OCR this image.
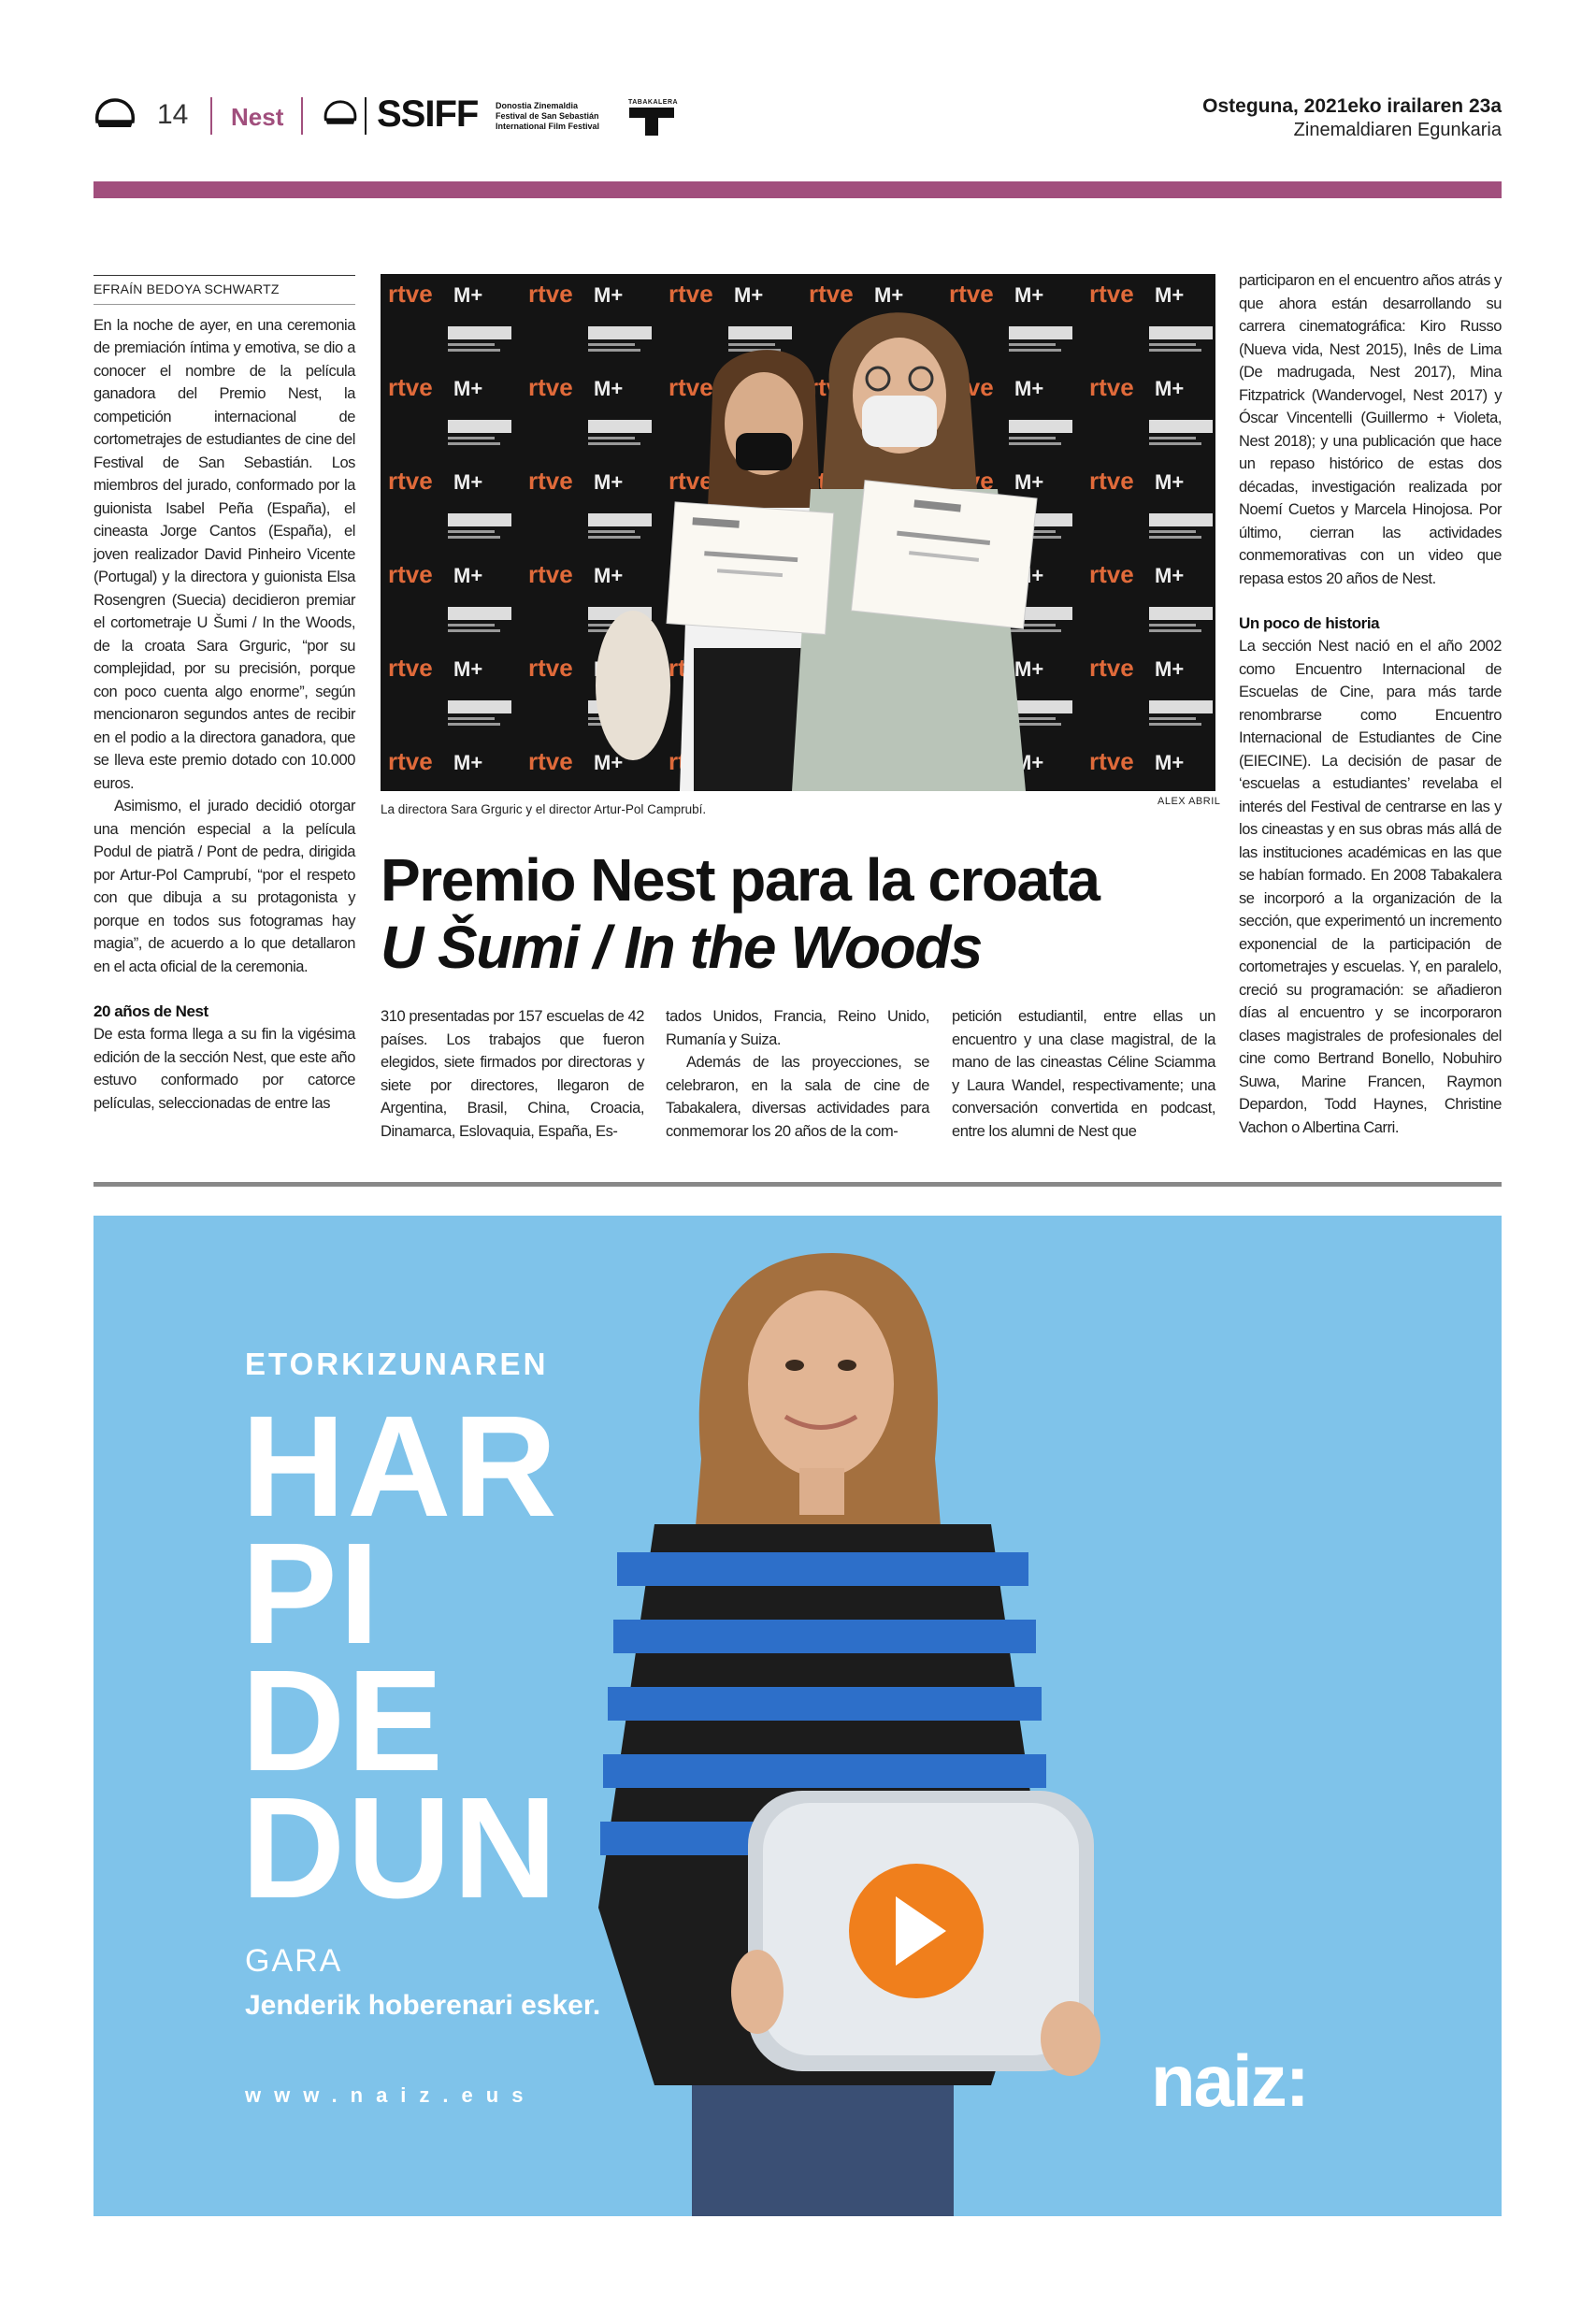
14 Nest SSIFF Donostia Zinemaldia
Festival de San Sebastián
International Film Festival
TABAKALERA	Osteguna, 2021eko irailaren 23a
Zinemaldiaren Egunkaria
EFRAÍN BEDOYA SCHWARTZ

En la noche de ayer, en una ceremonia de premiación íntima y emotiva, se dio a conocer el nombre de la película ganadora del Premio Nest, la competición internacional de cortometrajes de estudiantes de cine del Festival de San Sebastián. Los miembros del jurado, conformado por la guionista Isabel Peña (España), el cineasta Jorge Cantos (España), el joven realizador David Pinheiro Vicente (Portugal) y la directora y guionista Elsa Rosengren (Suecia) decidieron premiar el cortometraje U Šumi / In the Woods, de la croata Sara Grguric, “por su complejidad, por su precisión, porque con poco cuenta algo enorme”, según mencionaron segundos antes de recibir en el podio a la directora ganadora, que se lleva este premio dotado con 10.000 euros.

Asimismo, el jurado decidió otorgar una mención especial a la película Podul de piatră / Pont de pedra, dirigida por Artur-Pol Camprubí, “por el respeto con que dibuja a su protagonista y porque en todos sus fotogramas hay magia”, de acuerdo a lo que detallaron en el acta oficial de la ceremonia.

20 años de Nest

De esta forma llega a su fin la vigésima edición de la sección Nest, que este año estuvo conformado por catorce películas, seleccionadas de entre las

La directora Sara Grguric y el director Artur-Pol Camprubí.
ALEX ABRIL
Premio Nest para la croata
U Šumi / In the Woods

310 presentadas por 157 escuelas de 42 países. Los trabajos que fueron elegidos, siete firmados por directoras y siete por directores, llegaron de Argentina, Brasil, China, Croacia, Dinamarca, Eslovaquia, España, Es-

tados Unidos, Francia, Reino Unido, Rumanía y Suiza.

Además de las proyecciones, se celebraron, en la sala de cine de Tabakalera, diversas actividades para conmemorar los 20 años de la com-

petición estudiantil, entre ellas un encuentro y una clase magistral, de la mano de las cineastas Céline Sciamma y Laura Wandel, respectivamente; una conversación convertida en podcast, entre los alumni de Nest que

participaron en el encuentro años atrás y que ahora están desarrollando su carrera cinematográfica: Kiro Russo (Nueva vida, Nest 2015), Inês de Lima (De madrugada, Nest 2017), Mina Fitzpatrick (Wandervogel, Nest 2017) y Óscar Vincentelli (Guillermo + Violeta, Nest 2018); y una publicación que hace un repaso histórico de estas dos décadas, investigación realizada por Noemí Cuetos y Marcela Hinojosa. Por último, cierran las actividades conmemorativas con un video que repasa estos 20 años de Nest.

Un poco de historia

La sección Nest nació en el año 2002 como Encuentro Internacional de Escuelas de Cine, para más tarde renombrarse como Encuentro Internacional de Estudiantes de Cine (EIECINE). La decisión de pasar de ‘escuelas a estudiantes’ revelaba el interés del Festival de centrarse en las y los cineastas y en sus obras más allá de las instituciones académicas en las que se habían formado. En 2008 Tabakalera se incorporó a la organización de la sección, que experimentó un incremento exponencial de la participación de cortometrajes y escuelas. Y, en paralelo, creció su programación: se añadieron días al encuentro y se incorporaron clases magistrales de profesionales del cine como Bertrand Bonello, Nobuhiro Suwa, Marine Francen, Raymon Depardon, Todd Haynes, Christine Vachon o Albertina Carri.

ETORKIZUNAREN
HAR
PI
DE
DUN
GARA
Jenderik hoberenari esker.
www.naiz.eus	naiz:
